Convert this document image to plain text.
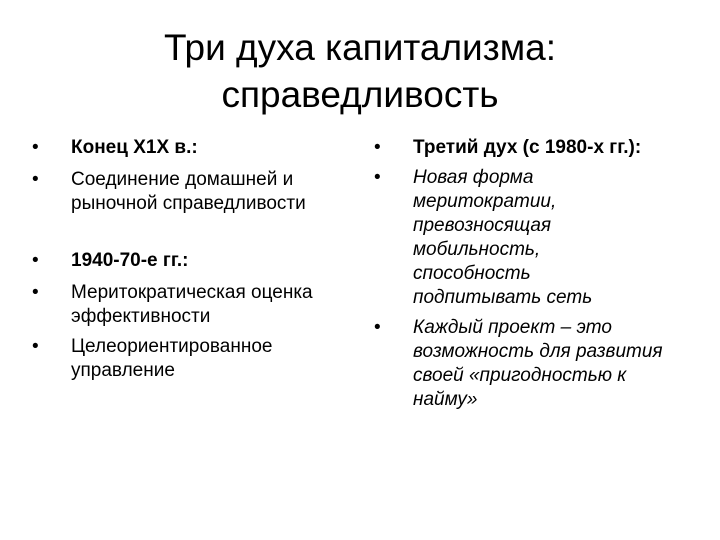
Три духа капитализма:
справедливость
• Конец Х1Х в.:
• Соединение домашней и рыночной справедливости
• 1940-70-е гг.:
• Меритократическая оценка эффективности
• Целеориентированное управление
• Третий дух (с 1980-х гг.):
• Новая форма меритократии, превозносящая мобильность, способность подпитывать сеть
• Каждый проект – это возможность для развития своей «пригодностью к найму»
